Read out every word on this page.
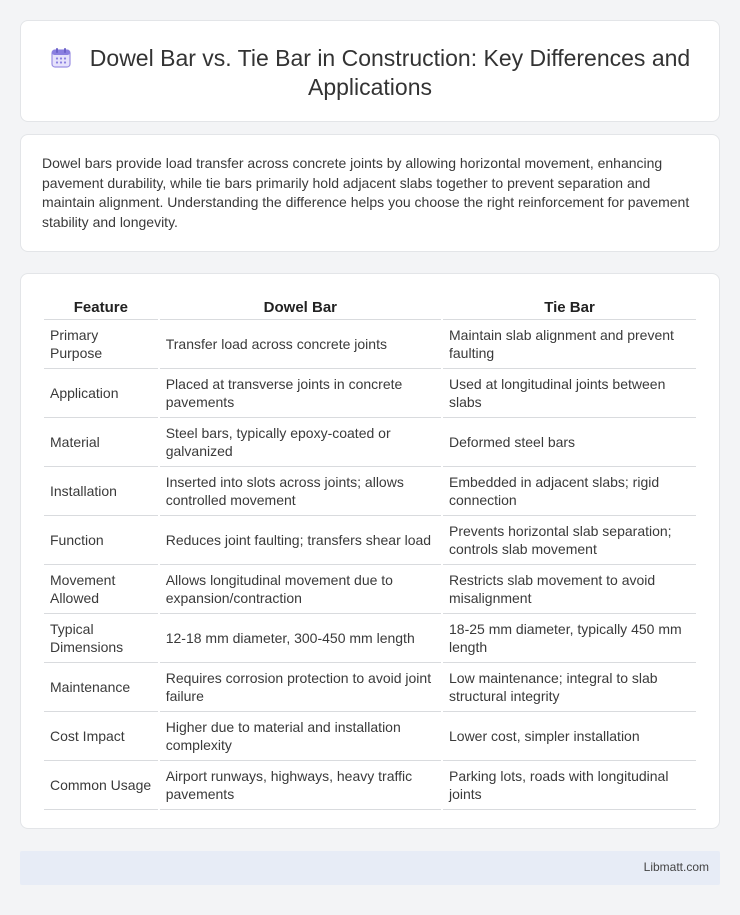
Dowel Bar vs. Tie Bar in Construction: Key Differences and Applications

Dowel bars provide load transfer across concrete joints by allowing horizontal movement, enhancing pavement durability, while tie bars primarily hold adjacent slabs together to prevent separation and maintain alignment. Understanding the difference helps you choose the right reinforcement for pavement stability and longevity.

Feature	Dowel Bar	Tie Bar
Primary Purpose	Transfer load across concrete joints	Maintain slab alignment and prevent faulting
Application	Placed at transverse joints in concrete pavements	Used at longitudinal joints between slabs
Material	Steel bars, typically epoxy-coated or galvanized	Deformed steel bars
Installation	Inserted into slots across joints; allows controlled movement	Embedded in adjacent slabs; rigid connection
Function	Reduces joint faulting; transfers shear load	Prevents horizontal slab separation; controls slab movement
Movement Allowed	Allows longitudinal movement due to expansion/contraction	Restricts slab movement to avoid misalignment
Typical Dimensions	12-18 mm diameter, 300-450 mm length	18-25 mm diameter, typically 450 mm length
Maintenance	Requires corrosion protection to avoid joint failure	Low maintenance; integral to slab structural integrity
Cost Impact	Higher due to material and installation complexity	Lower cost, simpler installation
Common Usage	Airport runways, highways, heavy traffic pavements	Parking lots, roads with longitudinal joints
Libmatt.com
